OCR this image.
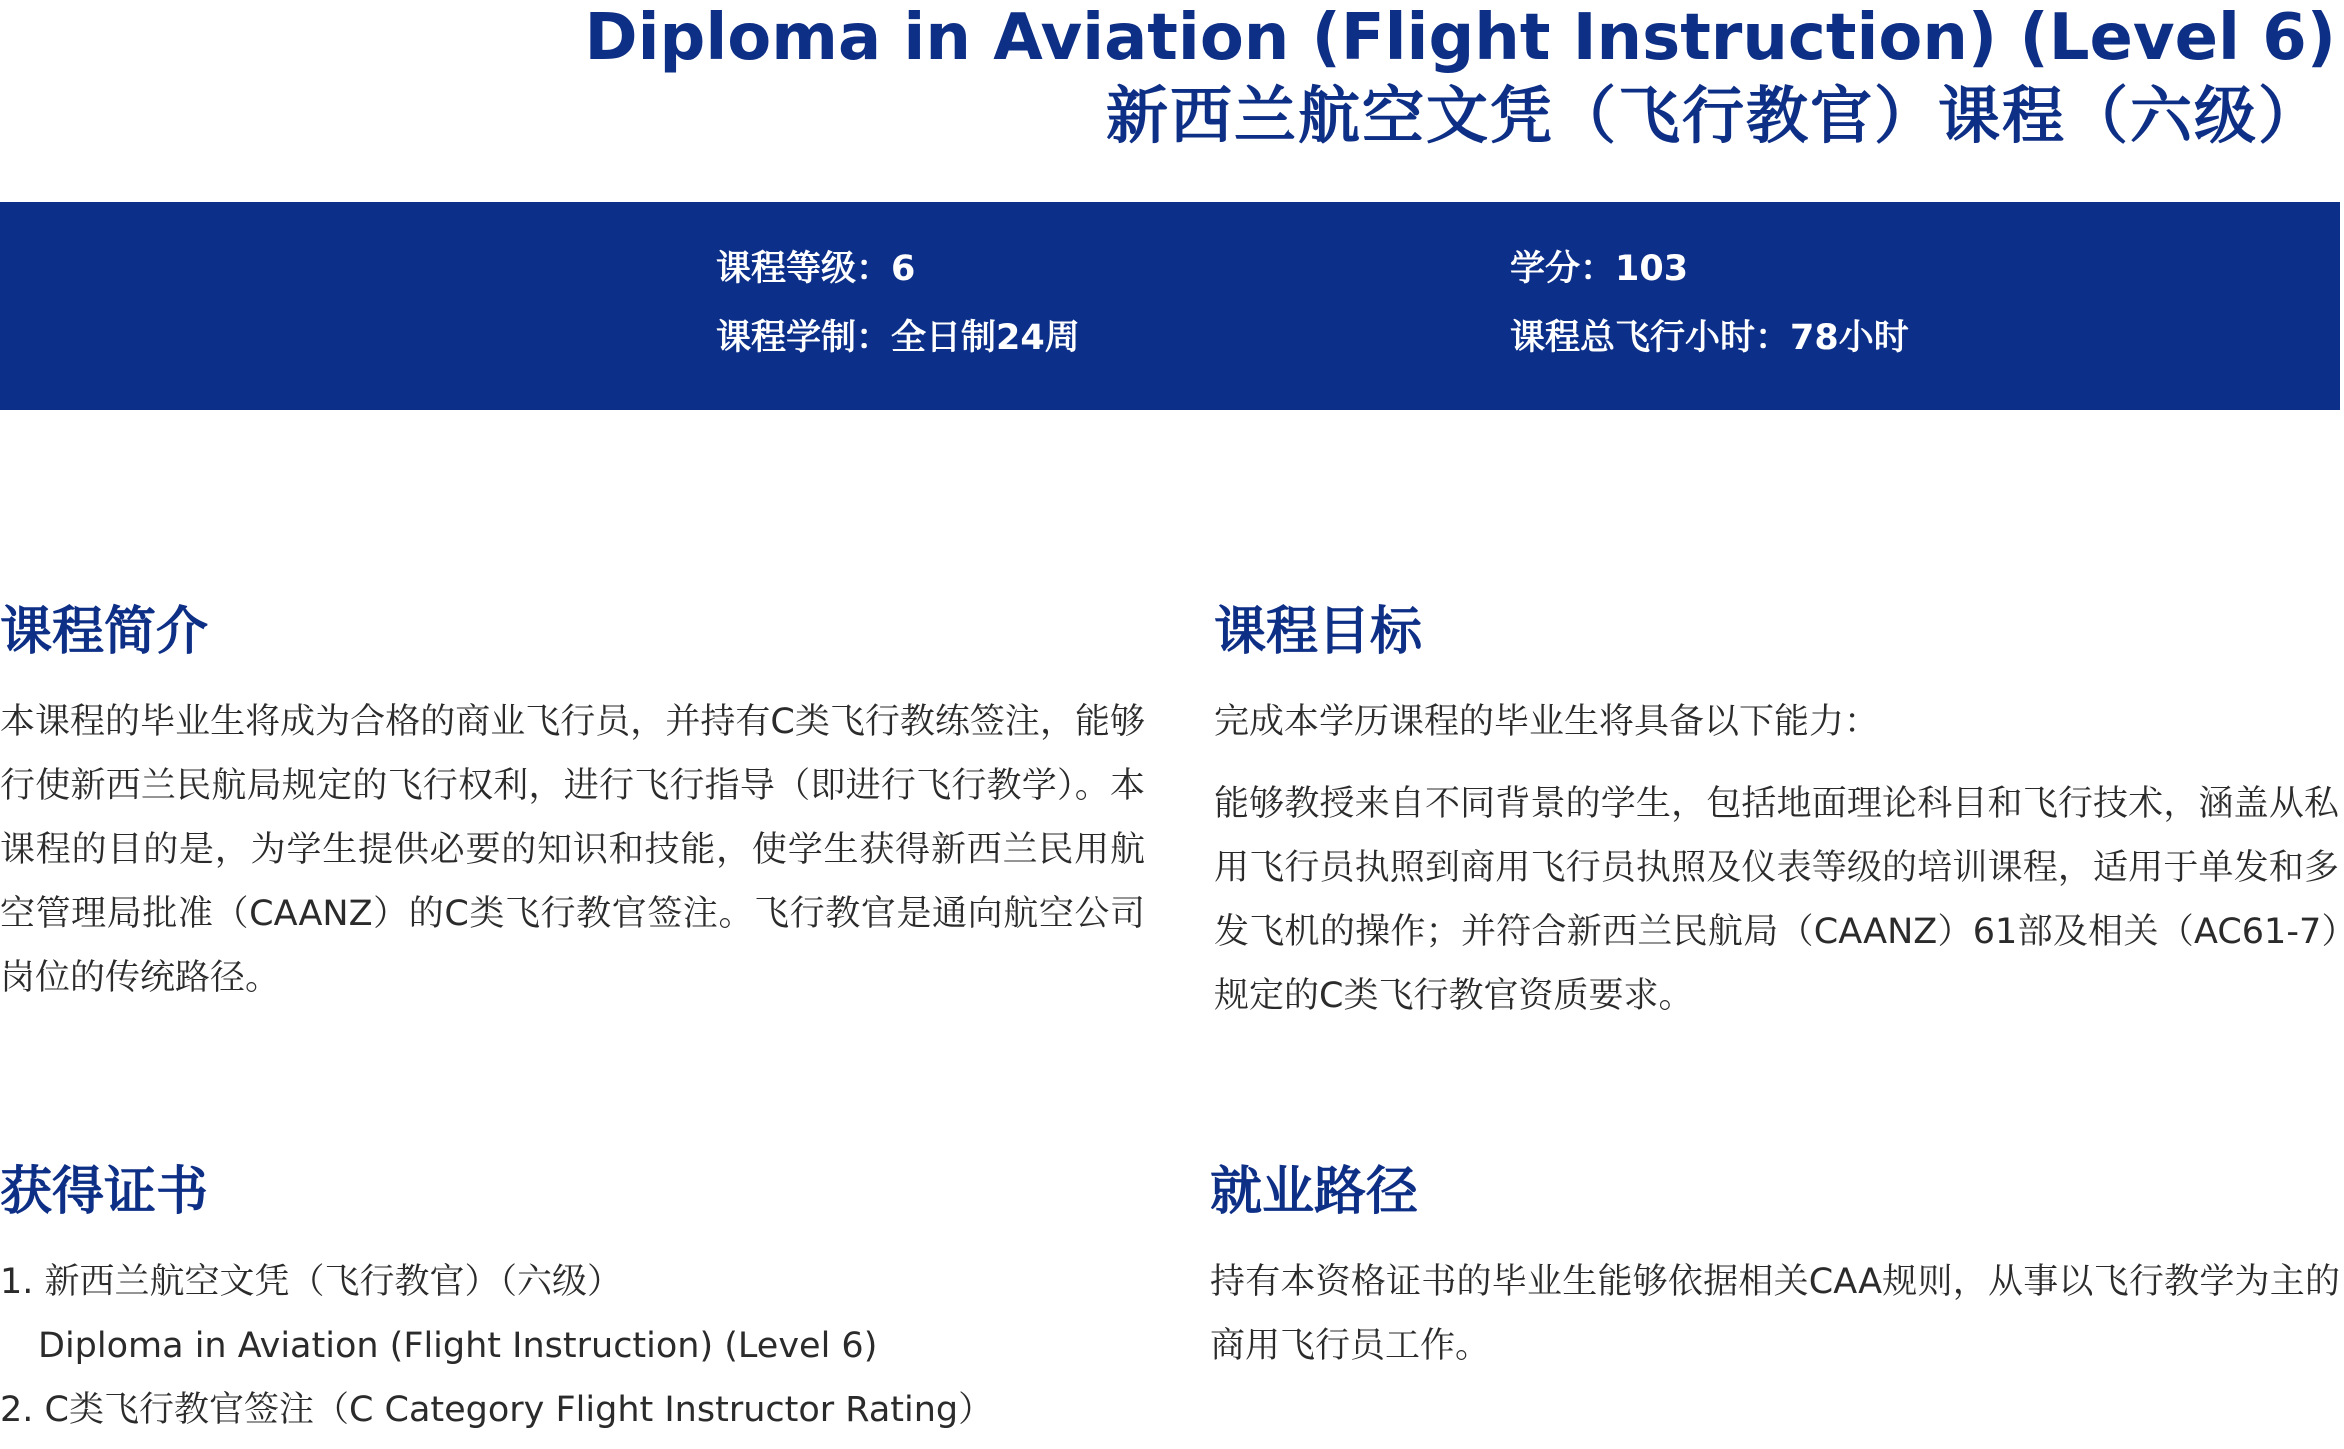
Diploma in Aviation (Flight Instruction) (Level 6)
新西兰航空文凭（飞行教官）课程（六级）
课程等级：6	学分：103
课程学制：全日制24周	课程总飞行小时：78小时
课程简介

本课程的毕业生将成为合格的商业飞行员，并持有C类飞行教练签注，能够行使新西兰民航局规定的飞行权利，进行飞行指导（即进行飞行教学）。本课程的目的是，为学生提供必要的知识和技能，使学生获得新西兰民用航空管理局批准（CAANZ）的C类飞行教官签注。飞行教官是通向航空公司岗位的传统路径。

课程目标

完成本学历课程的毕业生将具备以下能力：

能够教授来自不同背景的学生，包括地面理论科目和飞行技术，涵盖从私用飞行员执照到商用飞行员执照及仪表等级的培训课程，适用于单发和多发飞机的操作；并符合新西兰民航局（CAANZ）61部及相关（AC61-7）规定的C类飞行教官资质要求。

获得证书
1. 新西兰航空文凭（飞行教官）（六级）
Diploma in Aviation (Flight Instruction) (Level 6)
2. C类飞行教官签注（C Category Flight Instructor Rating）
就业路径

持有本资格证书的毕业生能够依据相关CAA规则，从事以飞行教学为主的商用飞行员工作。
